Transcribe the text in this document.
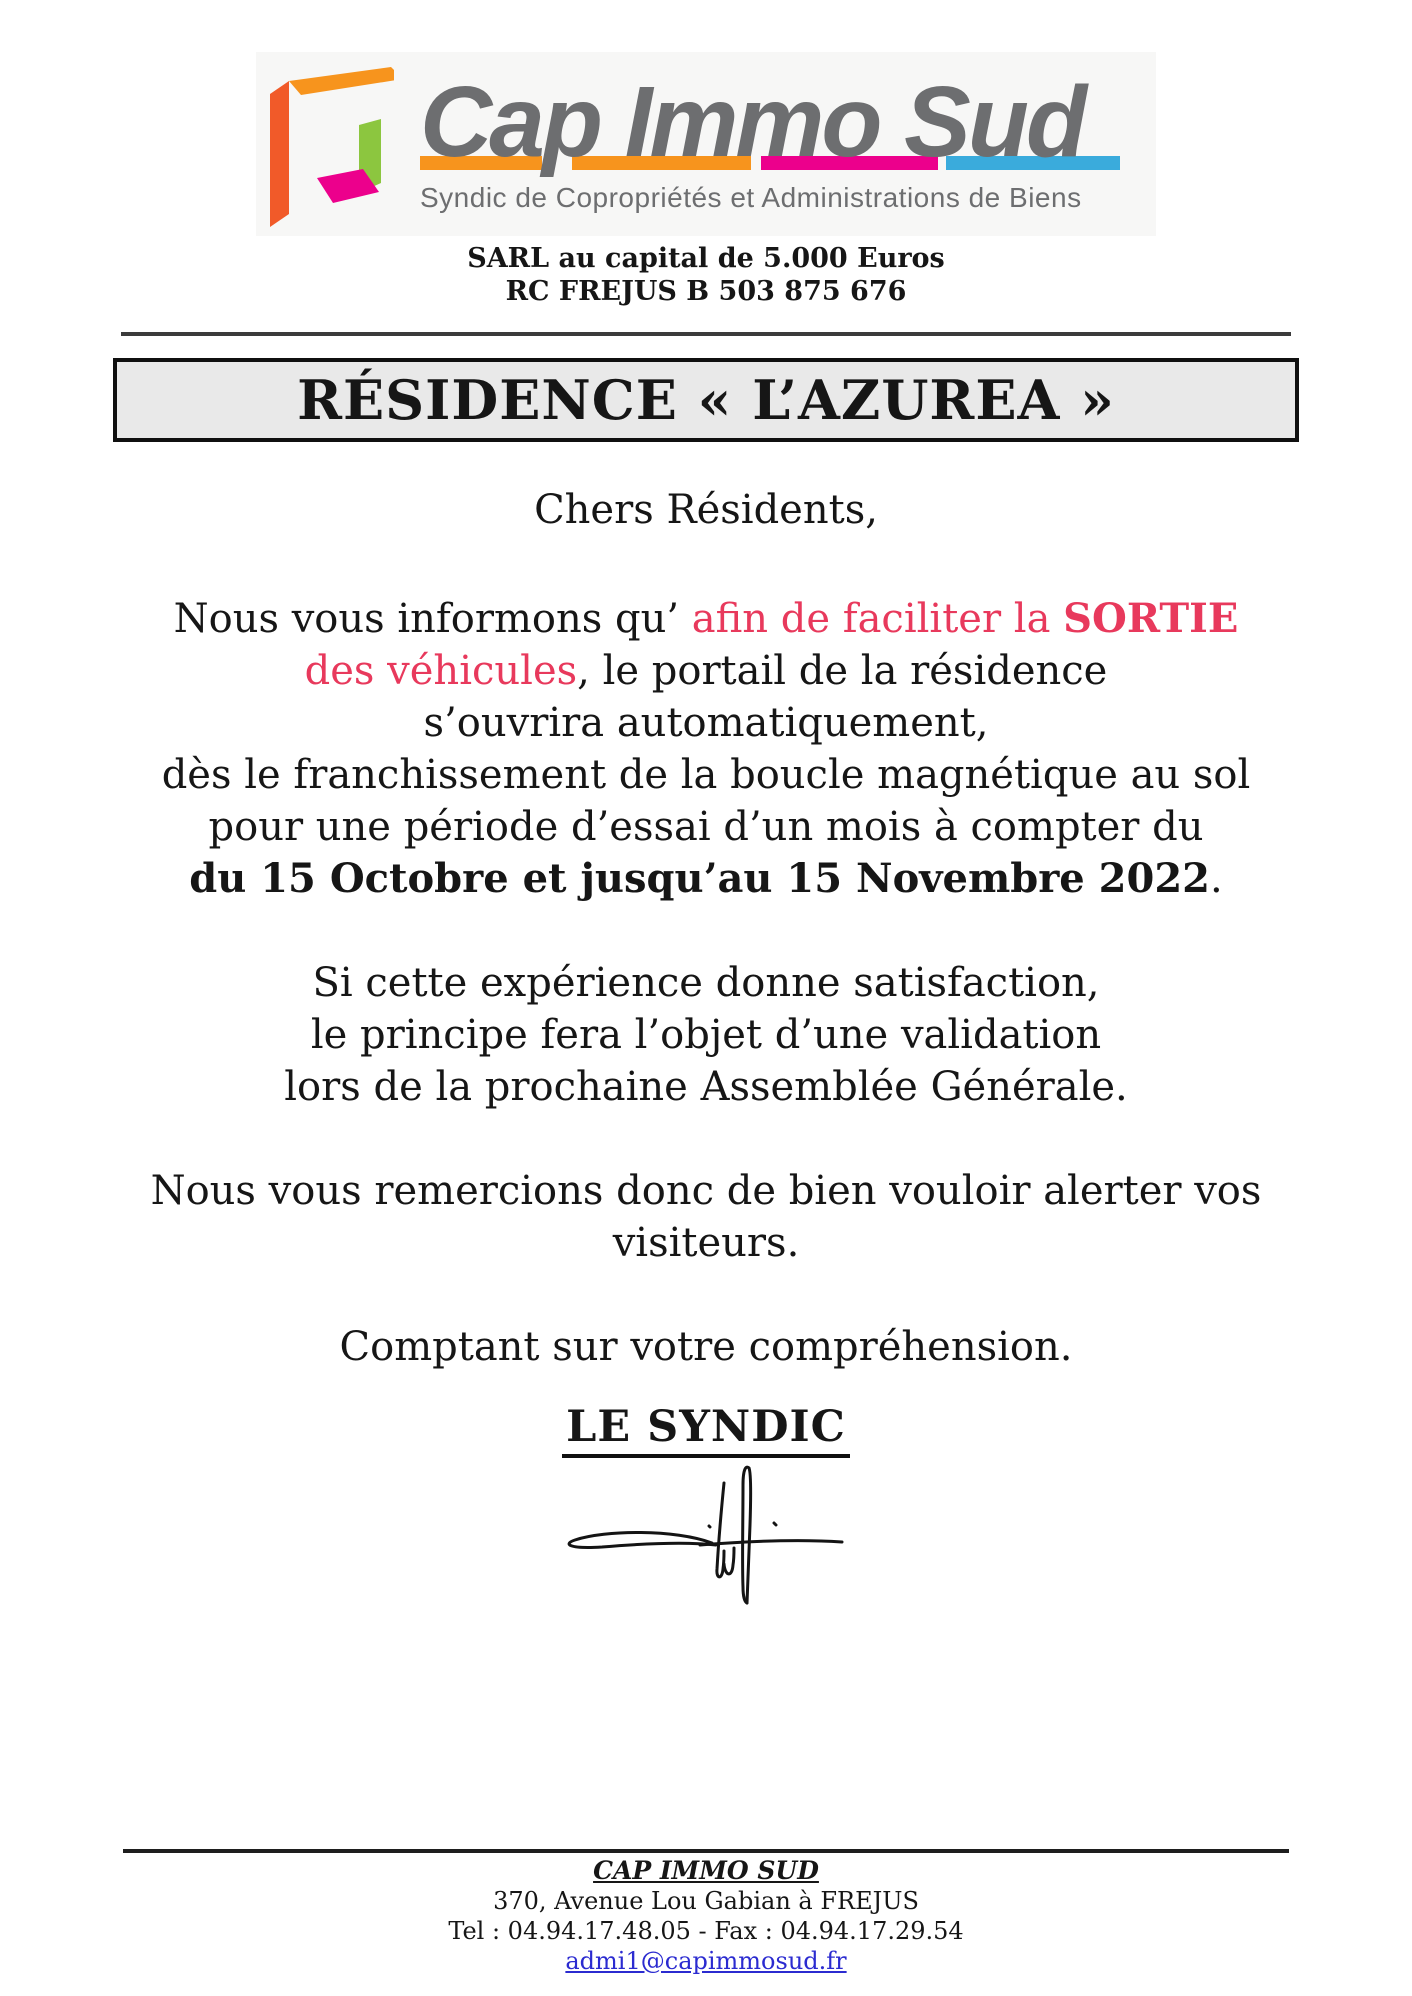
Cap Immo Sud
Syndic de Copropriétés et Administrations de Biens
SARL au capital de 5.000 Euros
RC FREJUS B 503 875 676
RÉSIDENCE « L’AZUREA »
Chers Résidents,
Nous vous informons qu’ afin de faciliter la SORTIE
des véhicules, le portail de la résidence
s’ouvrira automatiquement,
dès le franchissement de la boucle magnétique au sol
pour une période d’essai d’un mois à compter du
du 15 Octobre et jusqu’au 15 Novembre 2022.
Si cette expérience donne satisfaction,
le principe fera l’objet d’une validation
lors de la prochaine Assemblée Générale.
Nous vous remercions donc de bien vouloir alerter vos
visiteurs.
Comptant sur votre compréhension.
LE SYNDIC
CAP IMMO SUD
370, Avenue Lou Gabian à FREJUS
Tel : 04.94.17.48.05 - Fax : 04.94.17.29.54
admi1@capimmosud.fr
